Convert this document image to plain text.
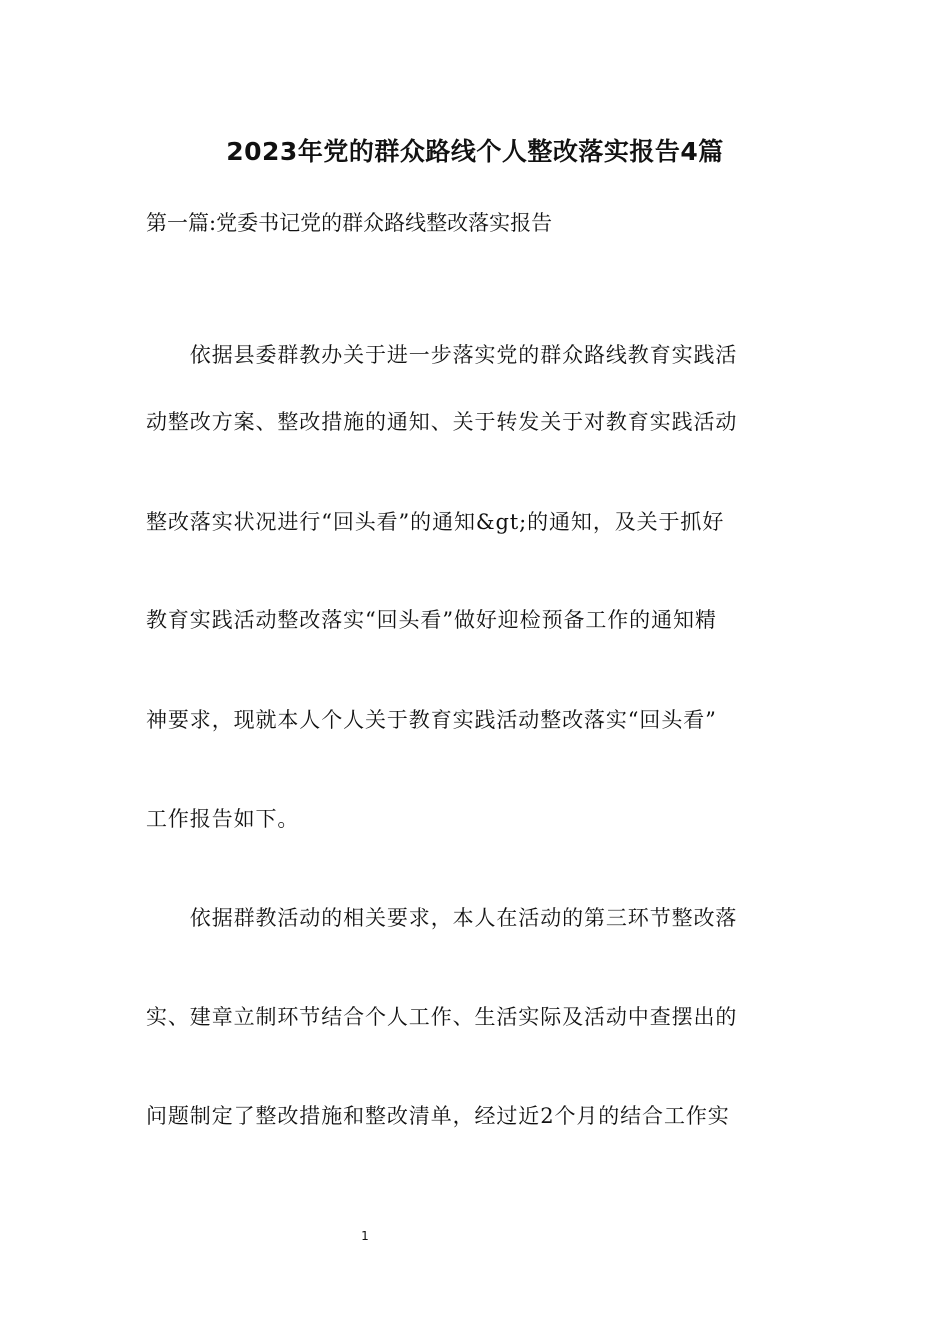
2023年党的群众路线个人整改落实报告4篇
第一篇:党委书记党的群众路线整改落实报告
　　依据县委群教办关于进一步落实党的群众路线教育实践活
动整改方案、整改措施的通知、关于转发关于对教育实践活动
整改落实状况进行“回头看”的通知&gt;的通知，及关于抓好
教育实践活动整改落实“回头看”做好迎检预备工作的通知精
神要求，现就本人个人关于教育实践活动整改落实“回头看”
工作报告如下。
　　依据群教活动的相关要求，本人在活动的第三环节整改落
实、建章立制环节结合个人工作、生活实际及活动中查摆出的
问题制定了整改措施和整改清单，经过近2个月的结合工作实
1
